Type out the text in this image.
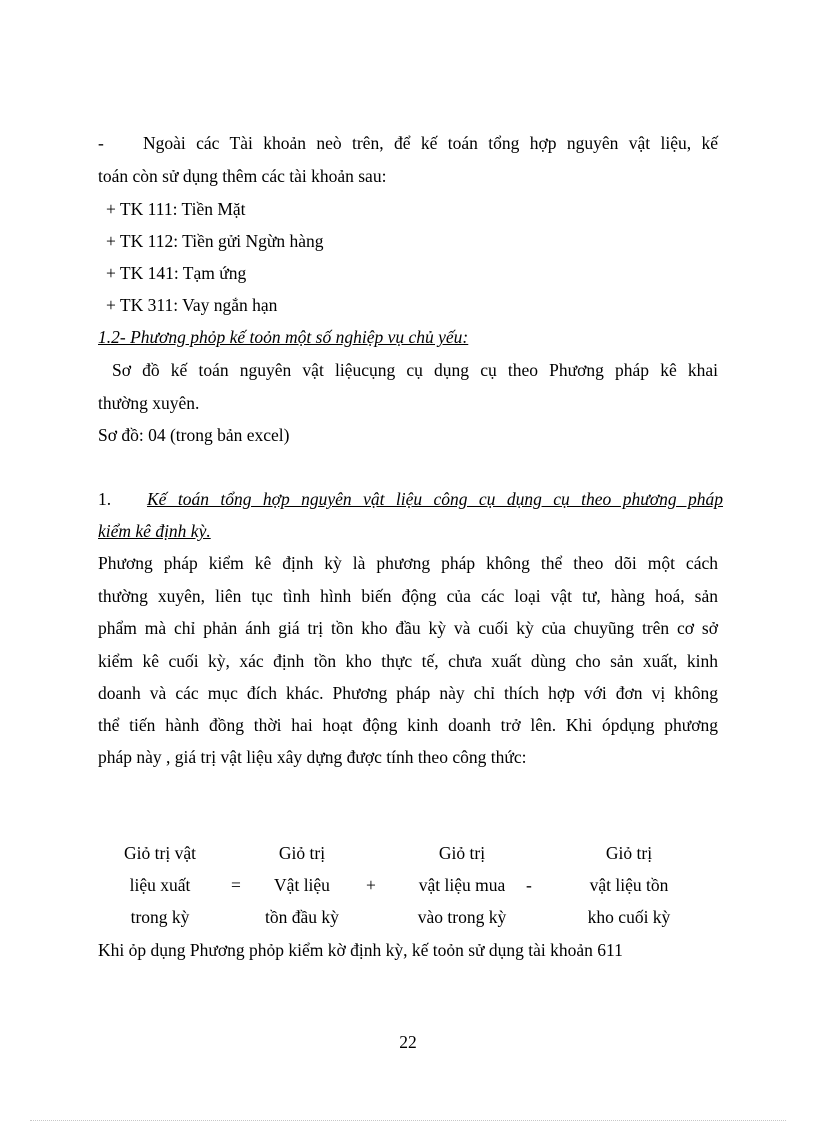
- Ngoài các Tài khoản neò trên, để kế toán tổng hợp nguyên vật liệu, kế
toán còn sử dụng thêm các tài khoản sau:
+ TK 111: Tiền Mặt
+ TK 112: Tiền gửi Ngừn hàng
+ TK 141: Tạm ứng
+ TK 311: Vay ngắn hạn
1.2- Phương phỏp kế toỏn một số nghiệp vụ chủ yếu:
Sơ đồ kế toán nguyên vật liệucụng cụ dụng cụ theo Phương pháp kê khai
thường xuyên.
Sơ đồ: 04 (trong bản excel)
1. Kế toán tổng hợp nguyên vật liệu công cụ dụng cụ theo phương pháp
kiểm kê định kỳ.
Phương pháp kiểm kê định kỳ là phương pháp không thể theo dõi một cách
thường xuyên, liên tục tình hình biến động của các loại vật tư, hàng hoá, sản
phẩm mà chỉ phản ánh giá trị tồn kho đầu kỳ và cuối kỳ của chuyũng trên cơ sở
kiểm kê cuối kỳ, xác định tồn kho thực tế, chưa xuất dùng cho sản xuất, kinh
doanh và các mục đích khác. Phương pháp này chỉ thích hợp với đơn vị không
thể tiến hành đồng thời hai hoạt động kinh doanh trở lên. Khi ópdụng phương
pháp này , giá trị vật liệu xây dựng được tính theo công thức:
Giỏ trị vật
liệu xuất
trong kỳ
=
Giỏ trị
Vật liệu
tồn đầu kỳ
+
Giỏ trị
vật liệu mua
vào trong kỳ
-
Giỏ trị
vật liệu tồn
kho cuối kỳ
Khi ỏp dụng Phương phỏp kiểm kờ định kỳ, kế toỏn sử dụng tài khoản 611
22
